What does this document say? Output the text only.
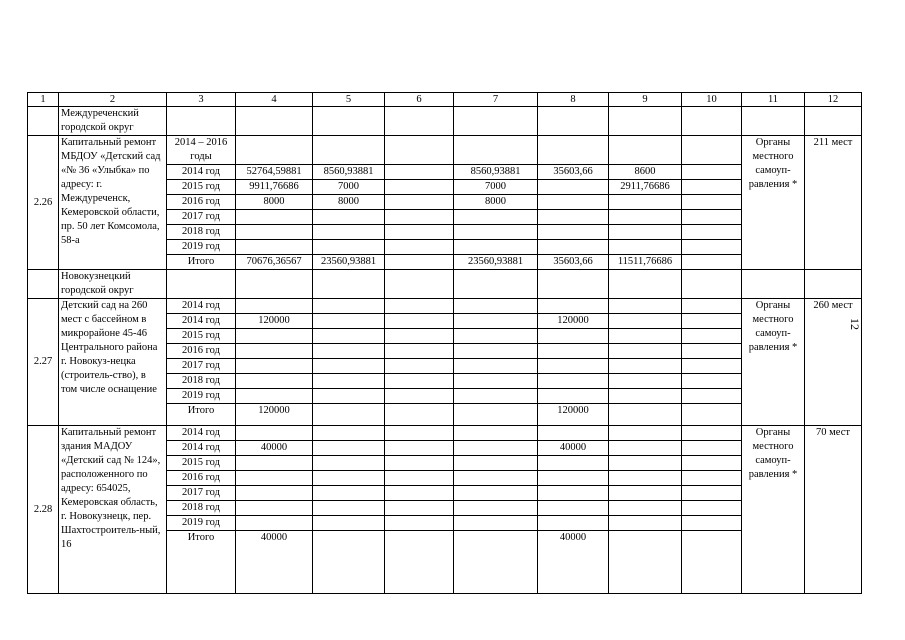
1	2	3	4	5	6	7	8	9	10	11	12
	Междуреченский городской округ										
2.26	Капитальный ремонт МБДОУ «Детский сад «№ 36 «Улыбка» по адресу: г. Междуреченск, Кемеровской области, пр. 50 лет Комсомола, 58-а	2014 – 2016 годы								Органы местного самоуп-равления *	211 мест
		2014 год	52764,59881	8560,93881		8560,93881	35603,66	8600			
		2015 год	9911,76686	7000		7000		2911,76686			
		2016 год	8000	8000		8000					
		2017 год									
		2018 год									
		2019 год									
		Итого	70676,36567	23560,93881		23560,93881	35603,66	11511,76686			
	Новокузнецкий городской округ										
2.27	Детский сад на 260 мест с бассейном в микрорайоне 45-46 Центрального района г. Новокуз-нецка (строитель-ство), в том числе оснащение	2014 год								Органы местного самоуп-равления *	260 мест
		2014 год	120000				120000				
		2015 год									
		2016 год									
		2017 год									
		2018 год									
		2019 год									
		Итого	120000				120000				
2.28	Капитальный ремонт здания МАДОУ «Детский сад № 124», расположенного по адресу: 654025, Кемеровская область, г. Новокузнецк, пер. Шахтостроитель-ный, 16	2014 год								Органы местного самоуп-равления *	70 мест
		2014 год	40000				40000				
		2015 год									
		2016 год									
		2017 год									
		2018 год									
		2019 год									
		Итого	40000				40000				
12
